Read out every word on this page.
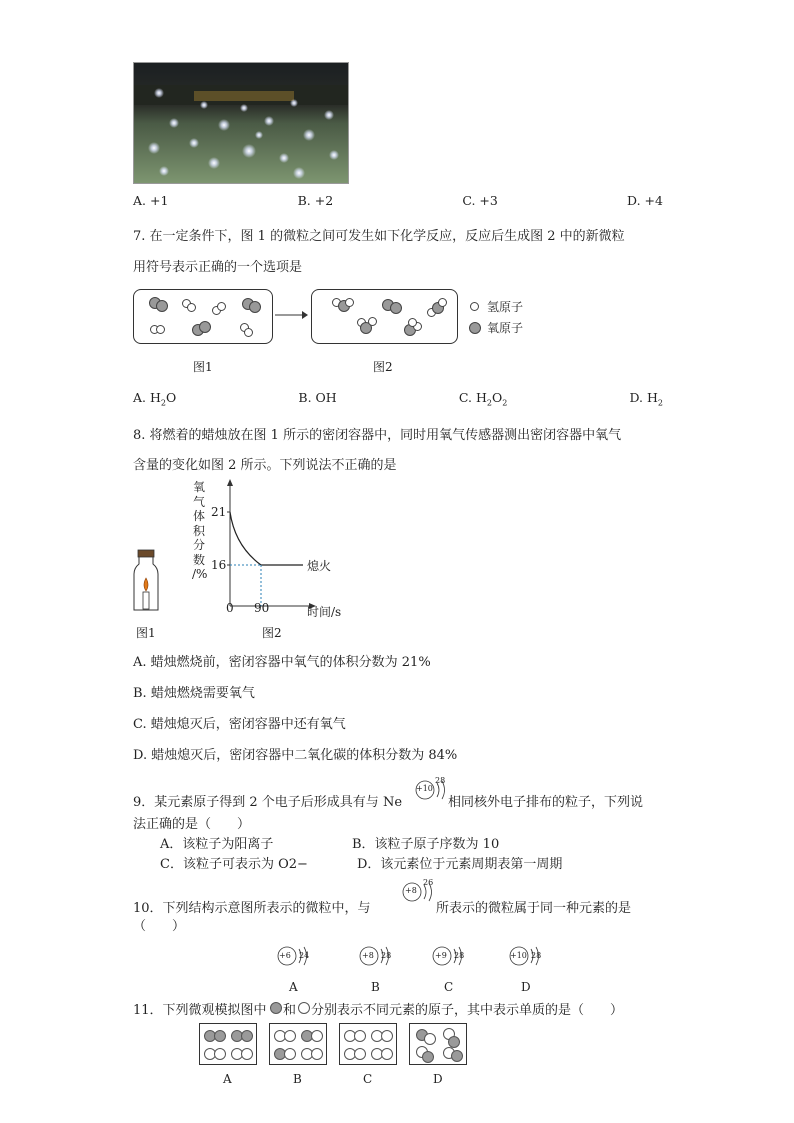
A. +1	B. +2	C. +3	D. +4
7. 在一定条件下，图 1 的微粒之间可发生如下化学反应，反应后生成图 2 中的新微粒
用符号表示正确的一个选项是
氢原子
氧原子
图1	图2
A. $H_2O$	B. OH	C. $H_2O_2$	D. $H_2$
8. 将燃着的蜡烛放在图 1 所示的密闭容器中，同时用氧气传感器测出密闭容器中氧气
含量的变化如图 2 所示。下列说法不正确的是
图1
氧
气
体
积
分
数
/%
21
16
0 90
熄火
时间/s
图2
A. 蜡烛燃烧前，密闭容器中氧气的体积分数为 21%
B. 蜡烛燃烧需要氧气
C. 蜡烛熄灭后，密闭容器中还有氧气
D. 蜡烛熄灭后，密闭容器中二氧化碳的体积分数为 84%
9．某元素原子得到 2 个电子后形成具有与 Ne
+10
28
相同核外电子排布的粒子，下列说
法正确的是（　　）
A．该粒子为阳离子	B．该粒子原子序数为 10
C．该粒子可表示为 O2−	D．该元素位于元素周期表第一周期
10．下列结构示意图所表示的微粒中，与
+8
26
所表示的微粒属于同一种元素的是
（　　）
+6 24
A
+8 28
B
+9 28
C
+10 28
D
11．下列微观模拟图中 和 分别表示不同元素的原子，其中表示单质的是（　　）
A	B	C	D
